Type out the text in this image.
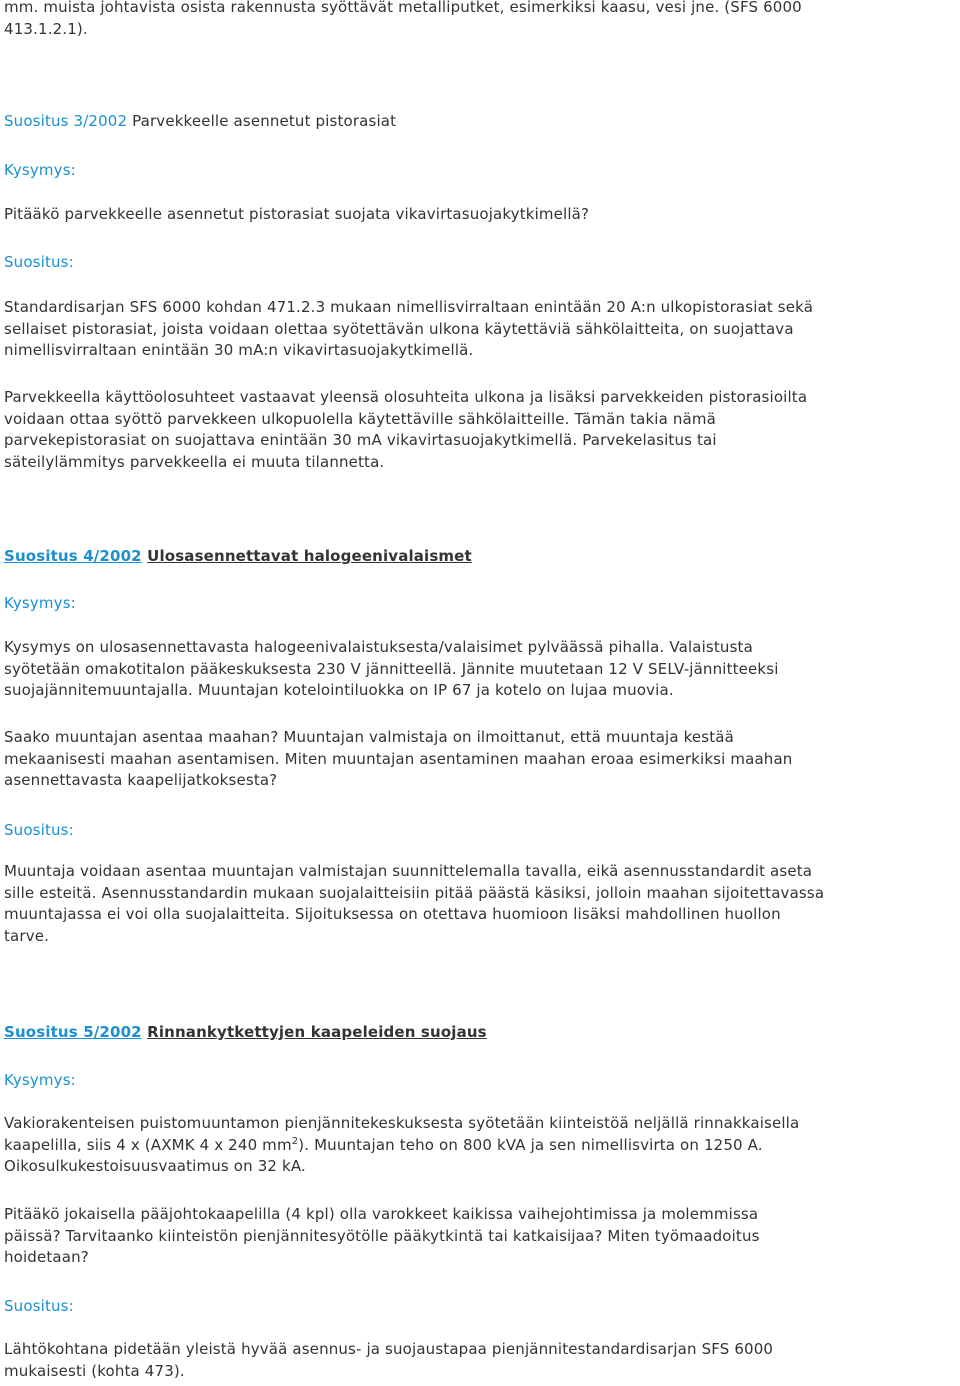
mm. muista johtavista osista rakennusta syöttävät metalliputket, esimerkiksi kaasu, vesi jne. (SFS 6000
413.1.2.1).
Suositus 3/2002 Parvekkeelle asennetut pistorasiat
Kysymys:
Pitääkö parvekkeelle asennetut pistorasiat suojata vikavirtasuojakytkimellä?
Suositus:
Standardisarjan SFS 6000 kohdan 471.2.3 mukaan nimellisvirraltaan enintään 20 A:n ulkopistorasiat sekä
sellaiset pistorasiat, joista voidaan olettaa syötettävän ulkona käytettäviä sähkölaitteita, on suojattava
nimellisvirraltaan enintään 30 mA:n vikavirtasuojakytkimellä.
Parvekkeella käyttöolosuhteet vastaavat yleensä olosuhteita ulkona ja lisäksi parvekkeiden pistorasioilta
voidaan ottaa syöttö parvekkeen ulkopuolella käytettäville sähkölaitteille. Tämän takia nämä
parvekepistorasiat on suojattava enintään 30 mA vikavirtasuojakytkimellä. Parvekelasitus tai
säteilylämmitys parvekkeella ei muuta tilannetta.
Suositus 4/2002 Ulosasennettavat halogeenivalaismet
Kysymys:
Kysymys on ulosasennettavasta halogeenivalaistuksesta/valaisimet pylväässä pihalla. Valaistusta
syötetään omakotitalon pääkeskuksesta 230 V jännitteellä. Jännite muutetaan 12 V SELV-jännitteeksi
suojajännitemuuntajalla. Muuntajan kotelointiluokka on IP 67 ja kotelo on lujaa muovia.
Saako muuntajan asentaa maahan? Muuntajan valmistaja on ilmoittanut, että muuntaja kestää
mekaanisesti maahan asentamisen. Miten muuntajan asentaminen maahan eroaa esimerkiksi maahan
asennettavasta kaapelijatkoksesta?
Suositus:
Muuntaja voidaan asentaa muuntajan valmistajan suunnittelemalla tavalla, eikä asennusstandardit aseta
sille esteitä. Asennusstandardin mukaan suojalaitteisiin pitää päästä käsiksi, jolloin maahan sijoitettavassa
muuntajassa ei voi olla suojalaitteita. Sijoituksessa on otettava huomioon lisäksi mahdollinen huollon
tarve.
Suositus 5/2002 Rinnankytkettyjen kaapeleiden suojaus
Kysymys:
Vakiorakenteisen puistomuuntamon pienjännitekeskuksesta syötetään kiinteistöä neljällä rinnakkaisella
kaapelilla, siis 4 x (AXMK 4 x 240 $mm^2$). Muuntajan teho on 800 kVA ja sen nimellisvirta on 1250 A.
Oikosulkukestoisuusvaatimus on 32 kA.
Pitääkö jokaisella pääjohtokaapelilla (4 kpl) olla varokkeet kaikissa vaihejohtimissa ja molemmissa
päissä? Tarvitaanko kiinteistön pienjännitesyötölle pääkytkintä tai katkaisijaa? Miten työmaadoitus
hoidetaan?
Suositus:
Lähtökohtana pidetään yleistä hyvää asennus- ja suojaustapaa pienjännitestandardisarjan SFS 6000
mukaisesti (kohta 473).
